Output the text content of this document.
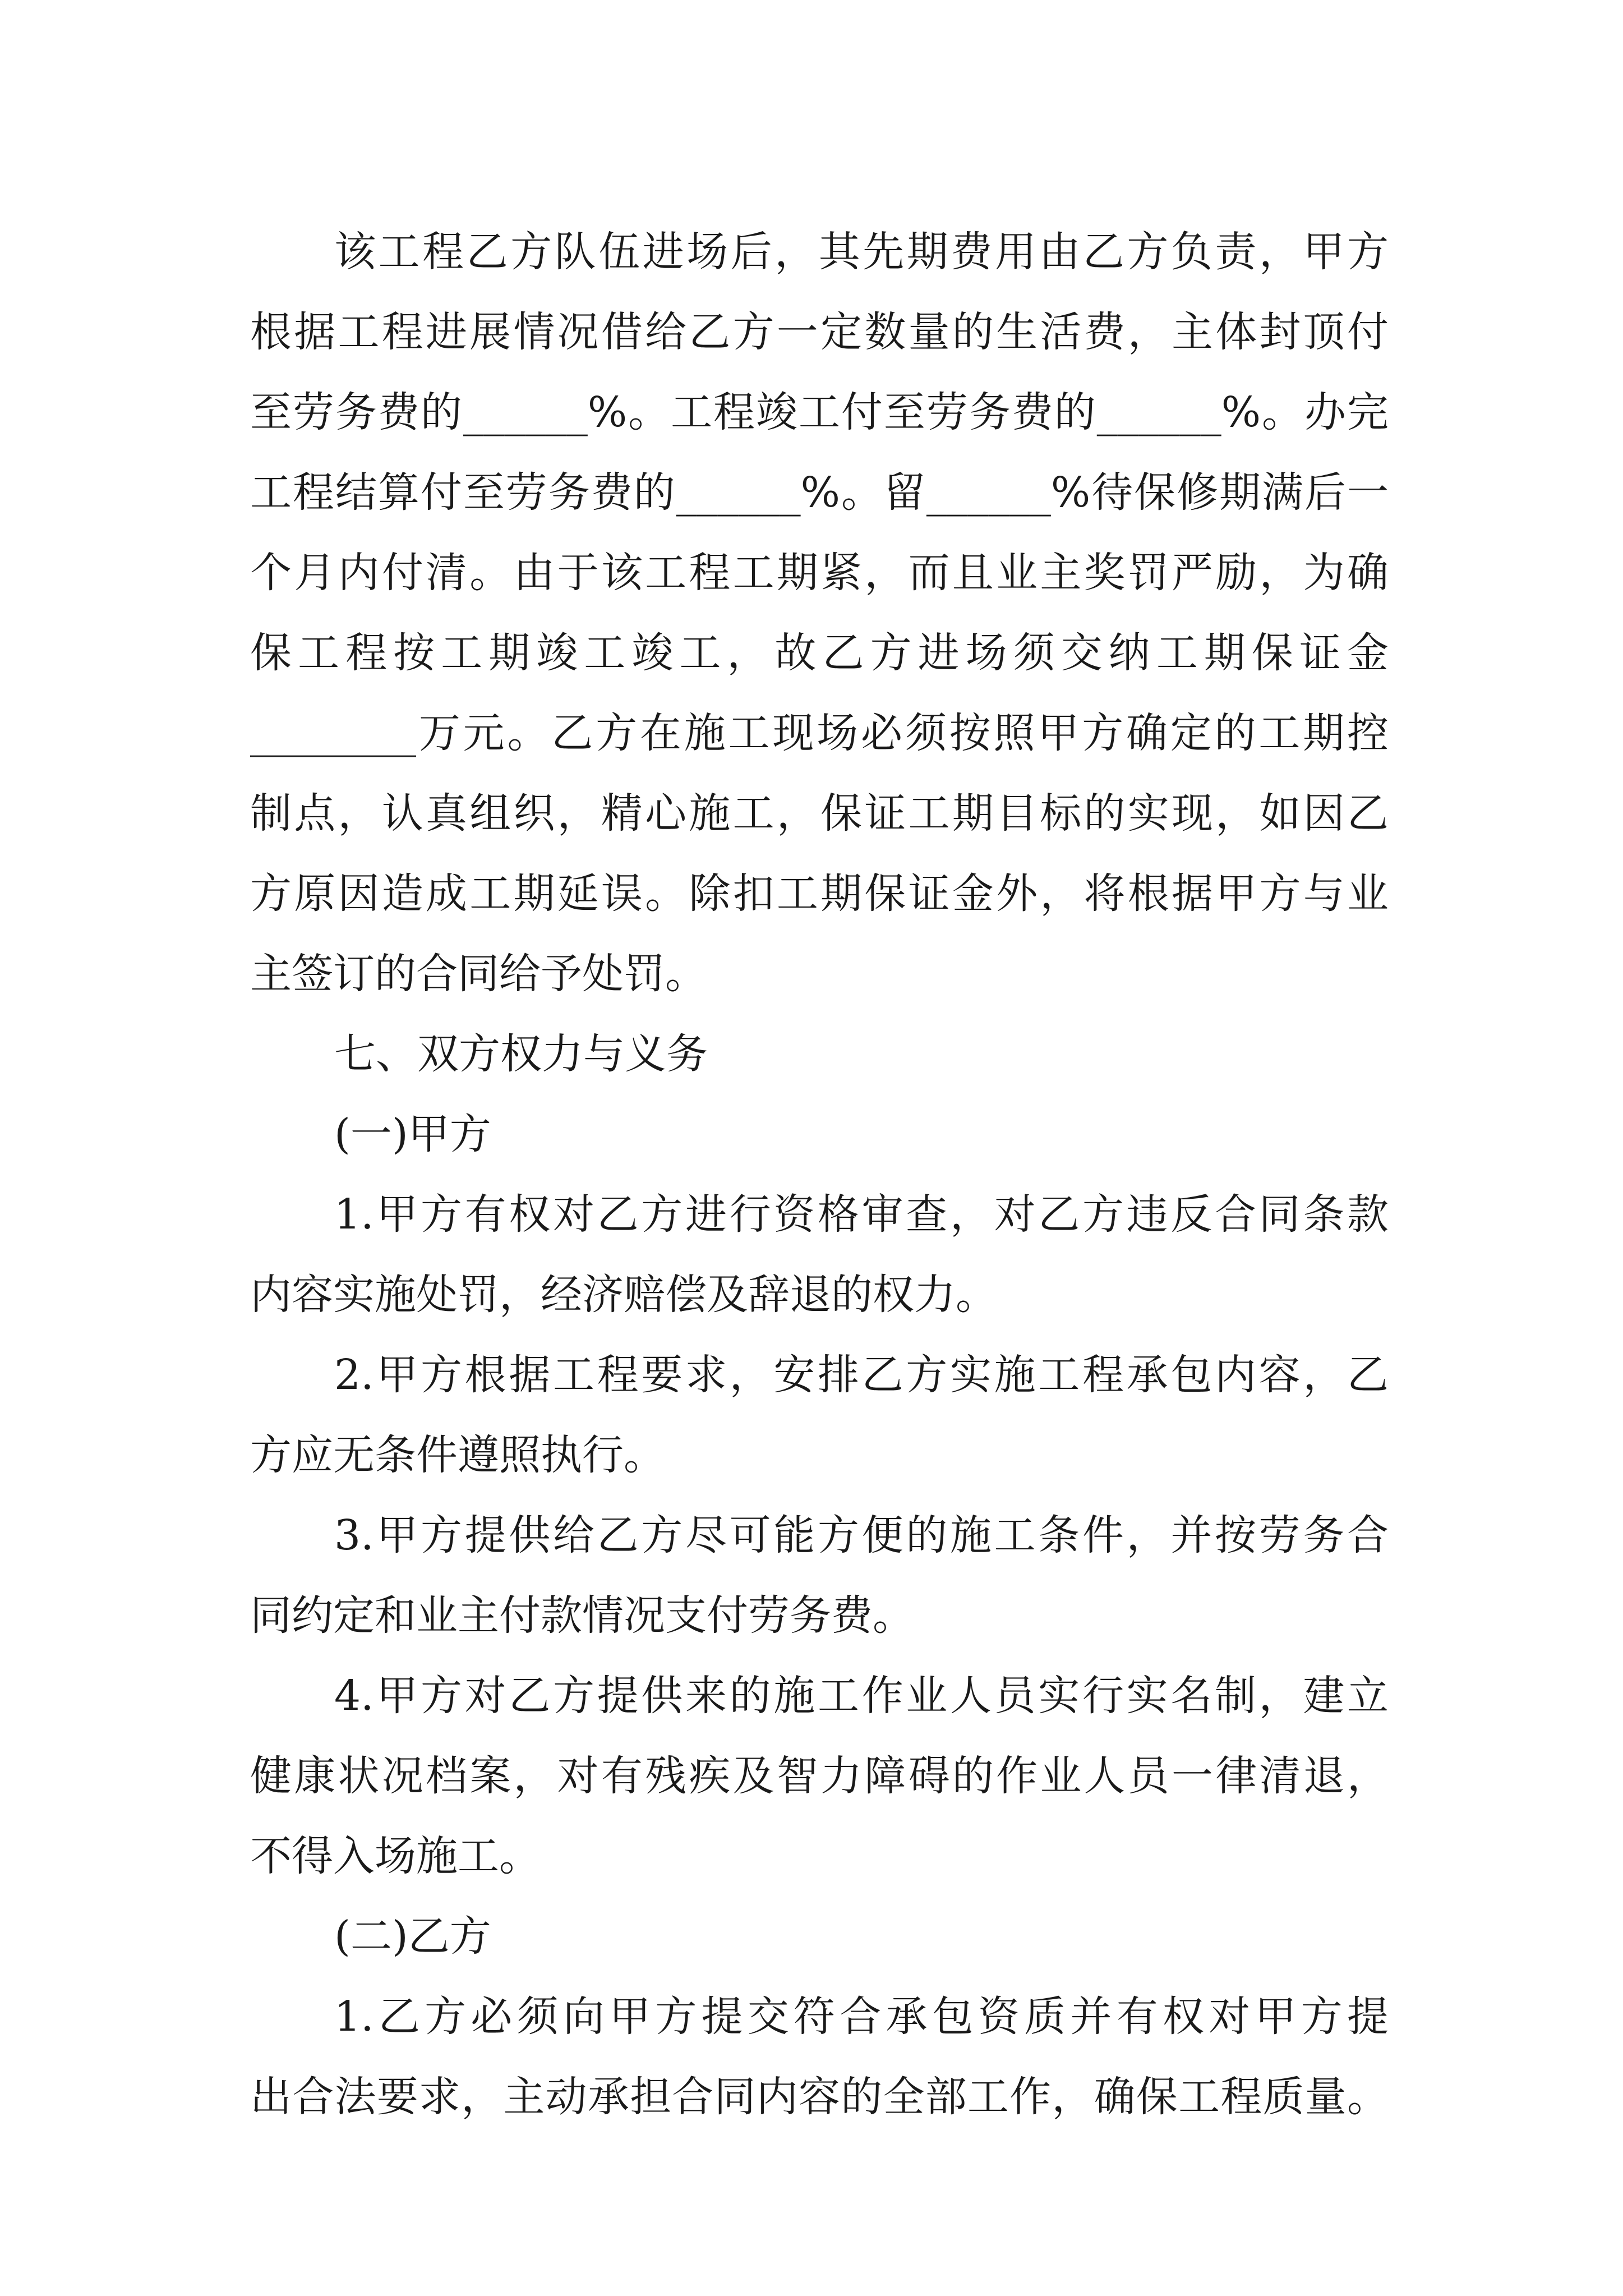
该工程乙方队伍进场后，其先期费用由乙方负责，甲方
根据工程进展情况借给乙方一定数量的生活费，主体封顶付
至劳务费的______%。工程竣工付至劳务费的______%。办完
工程结算付至劳务费的______%。留______%待保修期满后一
个月内付清。由于该工程工期紧，而且业主奖罚严励，为确
保工程按工期竣工竣工，故乙方进场须交纳工期保证金
________万元。乙方在施工现场必须按照甲方确定的工期控
制点，认真组织，精心施工，保证工期目标的实现，如因乙
方原因造成工期延误。除扣工期保证金外，将根据甲方与业
主签订的合同给予处罚。
七、双方权力与义务
(一)甲方
1.甲方有权对乙方进行资格审查，对乙方违反合同条款
内容实施处罚，经济赔偿及辞退的权力。
2.甲方根据工程要求，安排乙方实施工程承包内容，乙
方应无条件遵照执行。
3.甲方提供给乙方尽可能方便的施工条件，并按劳务合
同约定和业主付款情况支付劳务费。
4.甲方对乙方提供来的施工作业人员实行实名制，建立
健康状况档案，对有残疾及智力障碍的作业人员一律清退，
不得入场施工。
(二)乙方
1.乙方必须向甲方提交符合承包资质并有权对甲方提
出合法要求，主动承担合同内容的全部工作，确保工程质量。
